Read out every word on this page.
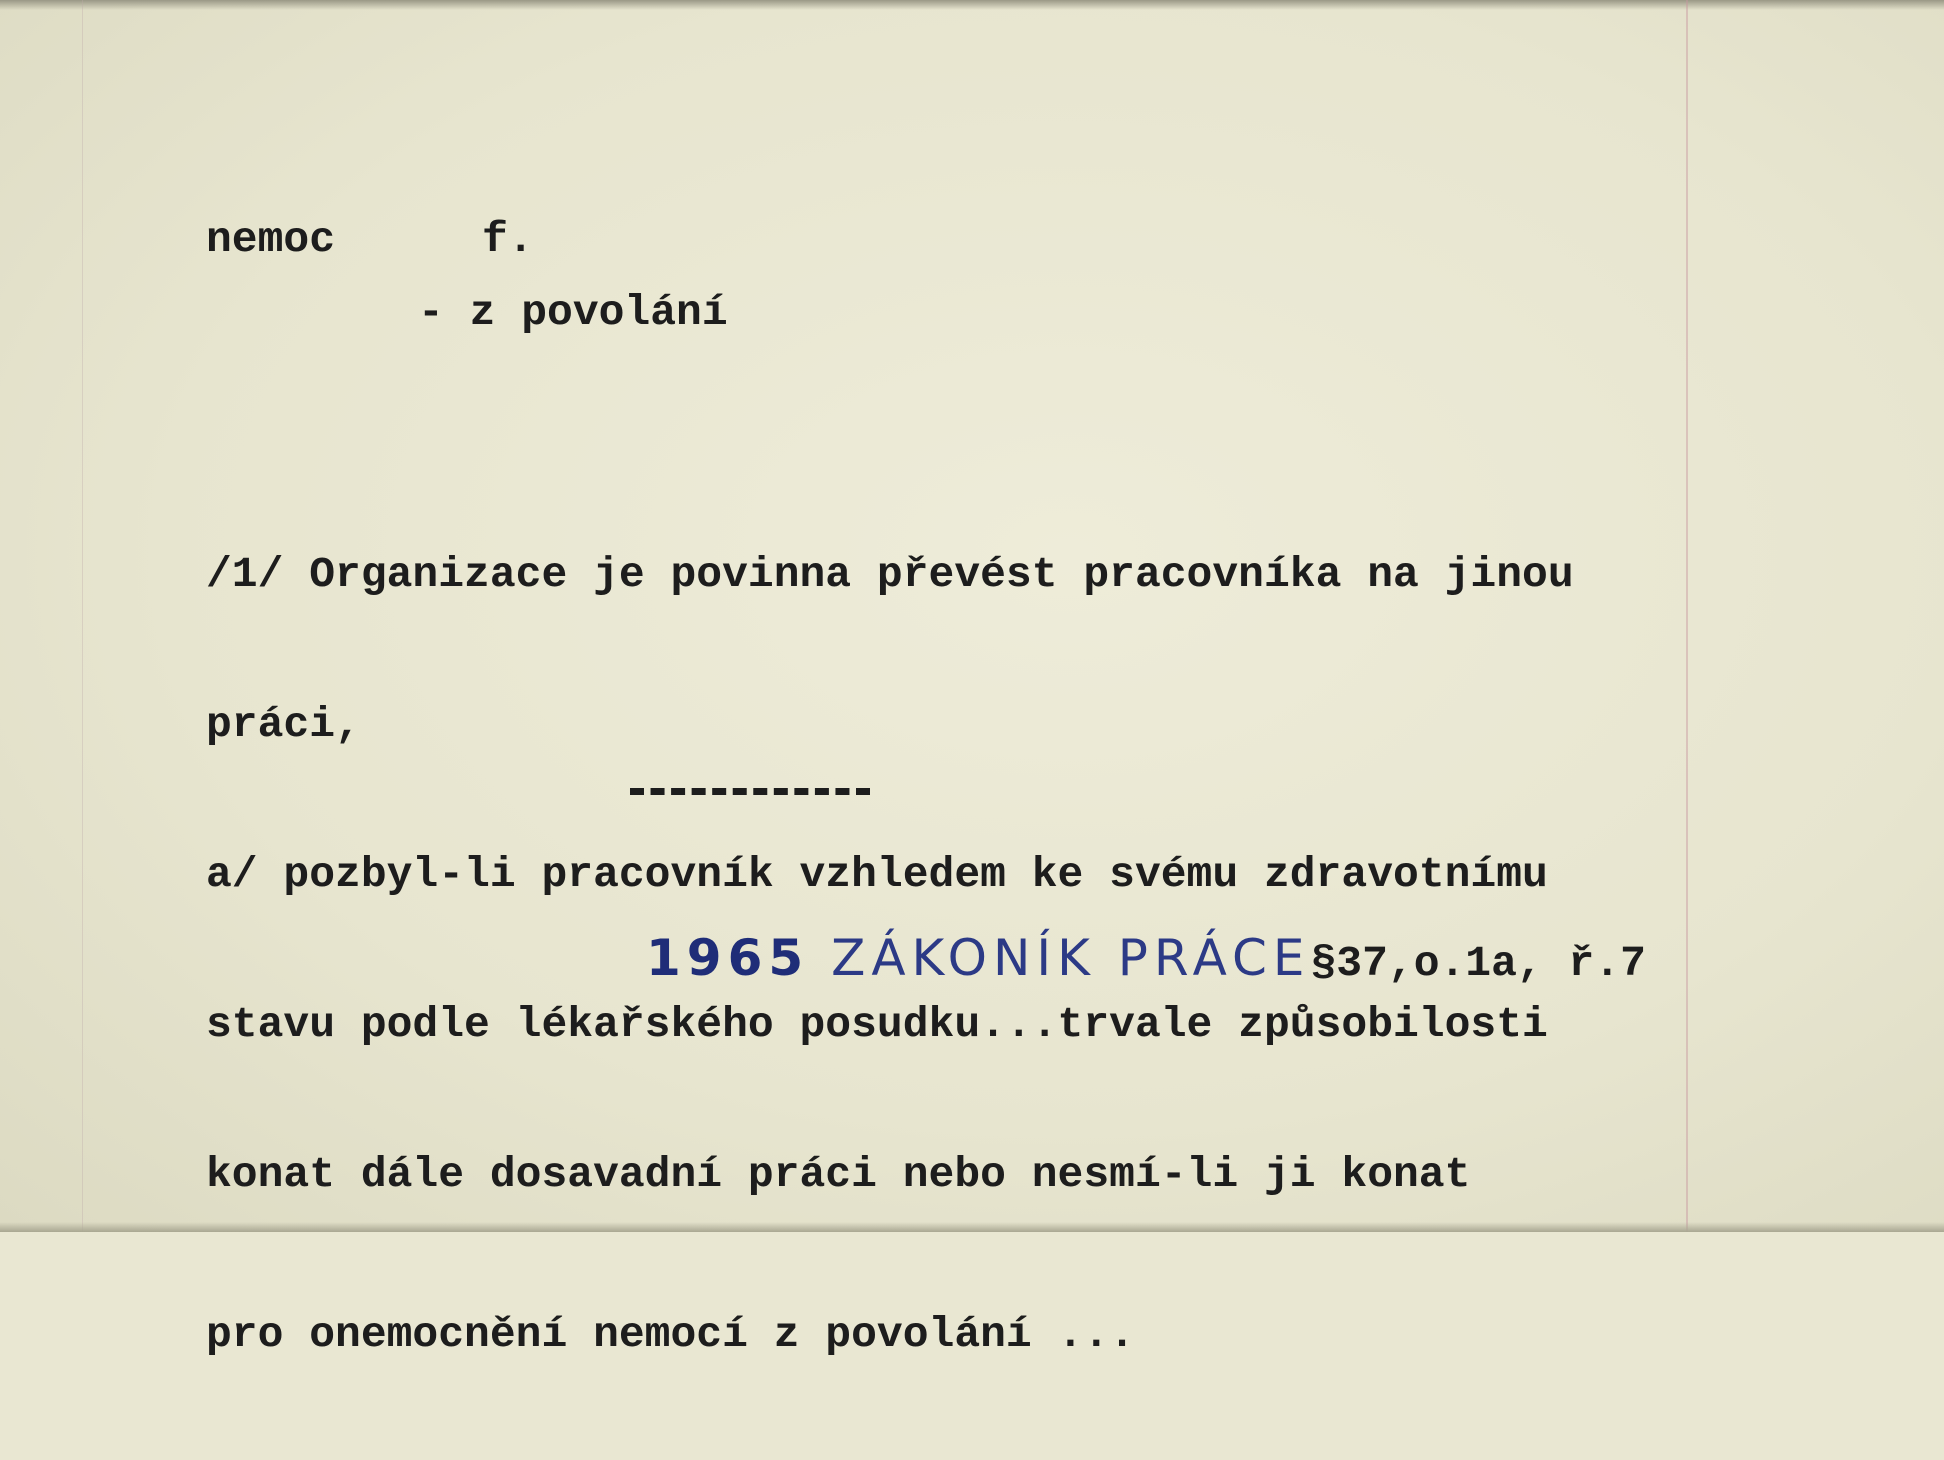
nemoc	f.
- z povolání

/1/ Organizace je povinna převést pracovníka na jinou

práci,

a/ pozbyl-li pracovník vzhledem ke svému zdravotnímu

stavu podle lékařského posudku...trvale způsobilosti

konat dále dosavadní práci nebo nesmí-li ji konat

pro onemocnění nemocí z povolání ...

1965 ZÁKONÍK PRÁCE§37,o.1a, ř.7
